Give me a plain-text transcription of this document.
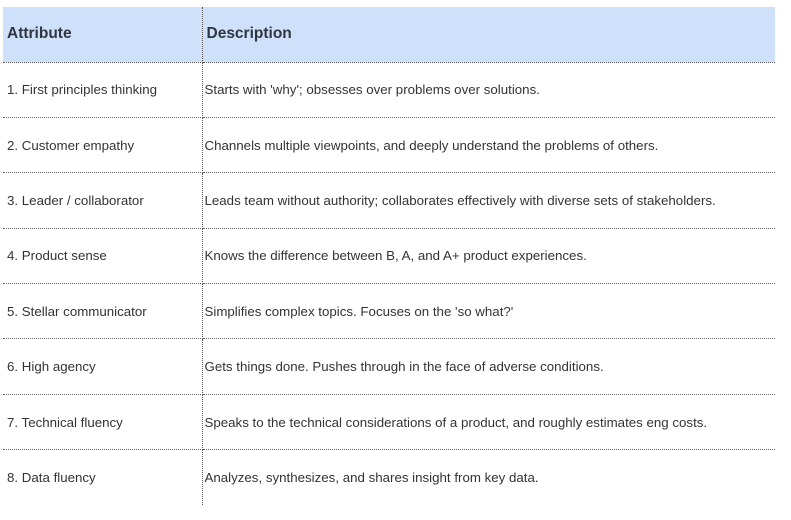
Attribute	Description
1. First principles thinking	Starts with 'why'; obsesses over problems over solutions.
2. Customer empathy	Channels multiple viewpoints, and deeply understand the problems of others.
3. Leader / collaborator	Leads team without authority; collaborates effectively with diverse sets of stakeholders.
4. Product sense	Knows the difference between B, A, and A+ product experiences.
5. Stellar communicator	Simplifies complex topics. Focuses on the 'so what?'
6. High agency	Gets things done. Pushes through in the face of adverse conditions.
7. Technical fluency	Speaks to the technical considerations of a product, and roughly estimates eng costs.
8. Data fluency	Analyzes, synthesizes, and shares insight from key data.
